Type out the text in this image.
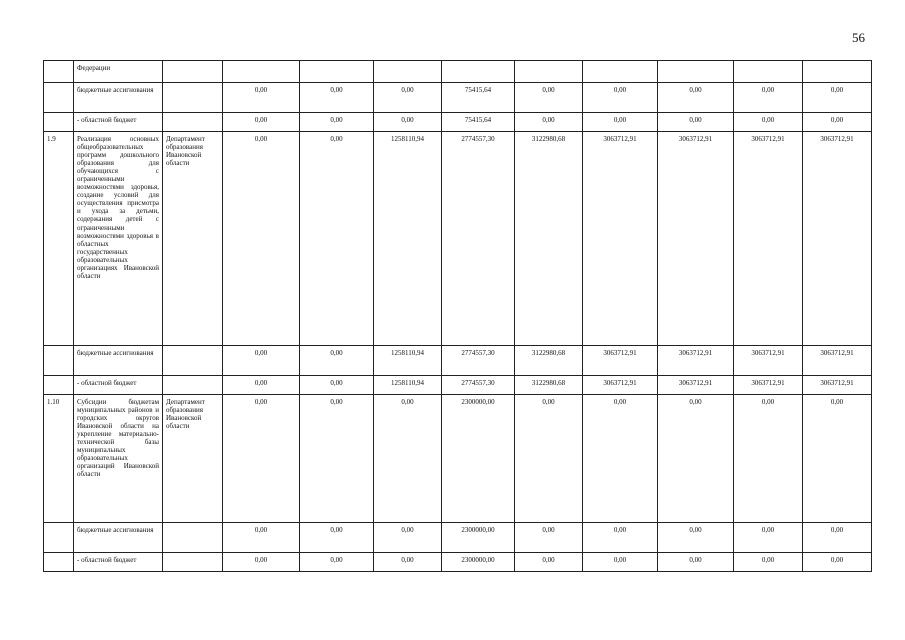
56
	Федерации										
	бюджетные ассигнования		0,00	0,00	0,00	75415,64	0,00	0,00	0,00	0,00	0,00
	- областной бюджет		0,00	0,00	0,00	75415,64	0,00	0,00	0,00	0,00	0,00
1.9	Реализация основных общеобразовательных программ дошкольного образования для обучающихся с ограниченными возможностями здоровья, создание условий для осуществления присмотра и ухода за детьми, содержания детей с ограниченными возможностями здоровья в областных государственных образовательных организациях Ивановской области	Департамент образования Ивановской области	0,00	0,00	1258110,94	2774557,30	3122980,68	3063712,91	3063712,91	3063712,91	3063712,91
	бюджетные ассигнования		0,00	0,00	1258110,94	2774557,30	3122980,68	3063712,91	3063712,91	3063712,91	3063712,91
	- областной бюджет		0,00	0,00	1258110,94	2774557,30	3122980,68	3063712,91	3063712,91	3063712,91	3063712,91
1.10	Субсидии бюджетам муниципальных районов и городских округов Ивановской области на укрепление материально-технической базы муниципальных образовательных организаций Ивановской области	Департамент образования Ивановской области	0,00	0,00	0,00	2300000,00	0,00	0,00	0,00	0,00	0,00
	бюджетные ассигнования		0,00	0,00	0,00	2300000,00	0,00	0,00	0,00	0,00	0,00
	- областной бюджет		0,00	0,00	0,00	2300000,00	0,00	0,00	0,00	0,00	0,00
